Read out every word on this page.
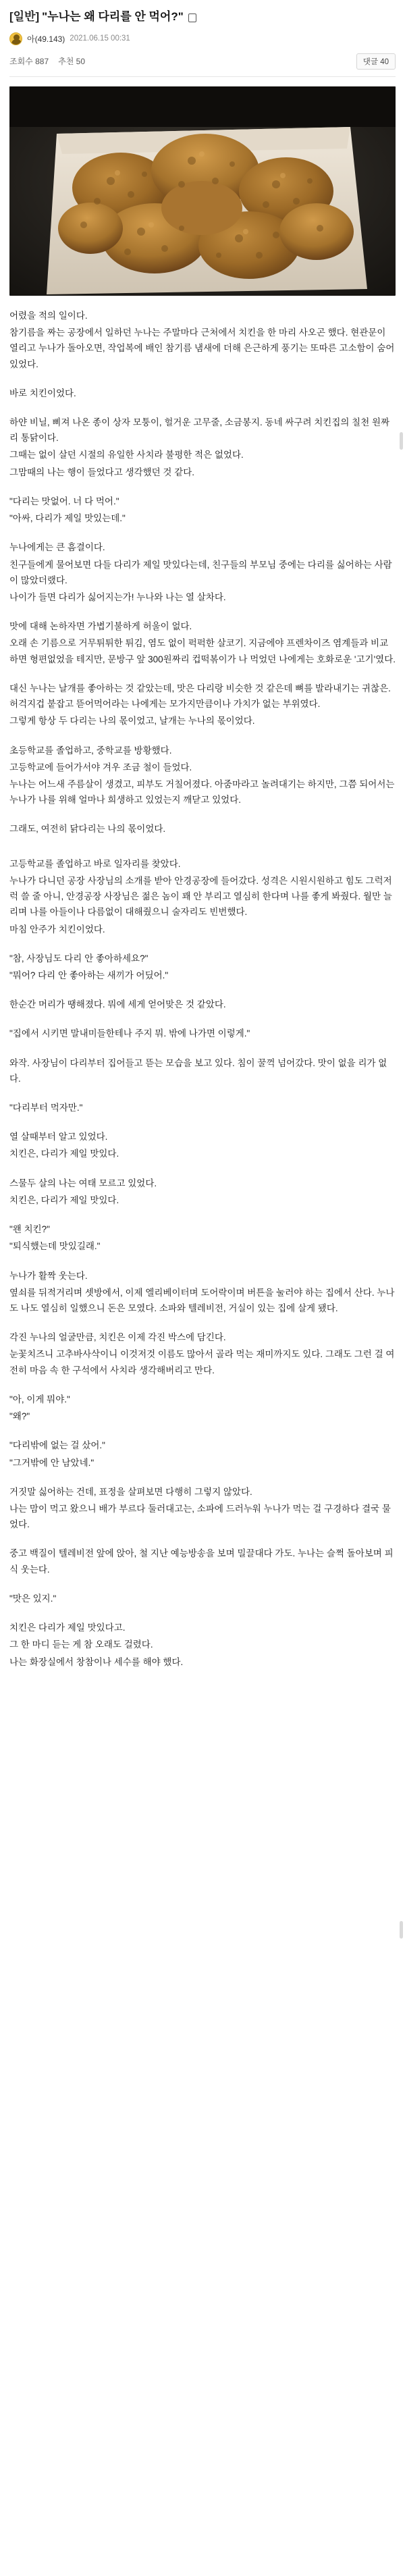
[일반] "누나는 왜 다리를 안 먹어?"
아(49.143) 2021.06.15 00:31
조회수 887 추천 50	댓글 40

어렸을 적의 일이다.

참기름을 짜는 공장에서 일하던 누나는 주말마다 근처에서 치킨을 한 마리 사오곤 했다. 현관문이 열리고 누나가 돌아오면, 작업복에 배인 참기름 냄새에 더해 은근하게 풍기는 또따른 고소함이 숨어있었다.

바로 치킨이었다.

하얀 비닐, 삐져 나온 종이 상자 모퉁이, 헐거운 고무줄, 소금봉지. 동네 싸구려 치킨집의 칠천 원짜리 통닭이다.

그때는 없이 살던 시절의 유일한 사치라 불평한 적은 없었다.

그맘때의 나는 행이 들었다고 생각했던 것 같다.

"다리는 맛없어. 너 다 먹어."

"아싸, 다리가 제일 맛있는데."

누나에게는 큰 흠결이다.

친구들에게 물어보면 다들 다리가 제일 맛있다는데, 친구들의 부모님 중에는 다리를 싫어하는 사람이 많았더랬다.

나이가 들면 다리가 싫어지는가! 누나와 나는 열 살차다.

맛에 대해 논하자면 가볍기불하게 허울이 없다.

오래 손 기름으로 거무튀튀한 튀김, 염도 없이 퍽퍽한 살코기. 지금에야 프렌차이즈 염계들과 비교하면 형편없었을 테지만, 문방구 앞 300원짜리 컵떡볶이가 나 먹었던 나에게는 호화로운 '고기'였다.

대신 누나는 날개를 좋아하는 것 같았는데, 맛은 다리랑 비슷한 것 같은데 뼈를 발라내기는 귀찮은. 허걱지겁 붙잡고 뜯어먹어라는 나에게는 모가지만큼이나 가치가 없는 부위였다.

그렇게 항상 두 다리는 나의 몫이었고, 날개는 누나의 몫이었다.

초등학교를 졸업하고, 중학교를 방황했다.

고등학교에 들어가서야 겨우 조금 철이 들었다.

누나는 어느새 주름살이 생겼고, 피부도 거칠어졌다. 아줌마라고 놀려대기는 하지만, 그쯤 되어서는 누나가 나를 위해 얼마나 희생하고 있었는지 깨닫고 있었다.

그래도, 여전히 닭다리는 나의 몫이었다.

고등학교를 졸업하고 바로 일자리를 찾았다.

누나가 다니던 공장 사장님의 소개를 받아 안경공장에 들어갔다. 성격은 시원시원하고 힘도 그럭저럭 쓸 줄 아니, 안경공장 사장님은 젊은 놈이 꽤 안 부리고 열심히 한다며 나를 좋게 봐줬다. 월만 늘리며 나를 아들이나 다름없이 대해줬으니 술자리도 빈번했다.

마침 안주가 치킨이었다.

"참, 사장님도 다리 안 좋아하세요?"

"뭐어? 다리 안 좋아하는 새끼가 어딨어."

한순간 머리가 땡해졌다. 뭐에 세게 얻어맞은 것 같았다.

"집에서 시키면 말내미들한테나 주지 뭐. 밖에 나가면 이렇게."

와작. 사장님이 다리부터 집어들고 뜯는 모습을 보고 있다. 침이 꿀꺽 넘어갔다. 맛이 없을 리가 없다.

"다리부터 먹자만."

열 살때부터 알고 있었다.

치킨은, 다리가 제일 맛있다.

스물두 살의 나는 여태 모르고 있었다.

치킨은, 다리가 제일 맛있다.

"왠 치킨?"

"퇴식했는데 맛있길래."

누나가 활짝 웃는다.

옆쇠를 뒤적거리며 셋방에서, 이제 엘리베이터며 도어락이며 버튼을 눌러야 하는 집에서 산다. 누나도 나도 열심히 일했으니 돈은 모였다. 소파와 텔레비전, 거실이 있는 집에 살게 됐다.

각진 누나의 얼굴만큼, 치킨은 이제 각진 박스에 담긴다.

눈꽃치즈니 고추바사삭이니 이것저것 이름도 많아서 골라 먹는 재미까지도 있다. 그래도 그런 걸 여전히 마음 속 한 구석에서 사치라 생각해버리고 만다.

"아, 이게 뭐야."

"왜?"

"다리밖에 없는 걸 샀어."

"그거밖에 안 남았네."

거짓말 싫어하는 건데, 표정을 살펴보면 다행히 그렇지 않았다.

나는 맘이 먹고 왔으니 배가 부르다 둘러대고는, 소파에 드러누워 누나가 먹는 걸 구경하다 결국 물었다.

중고 백질이 텔레비전 앞에 앉아, 철 지난 예능방송을 보며 밀끌대다 가도. 누나는 슬쩍 돌아보며 피식 웃는다.

"맛은 있지."

치킨은 다리가 제일 맛있다고.

그 한 마디 듣는 게 참 오래도 걸렸다.

나는 화장실에서 창참이나 세수를 해야 했다.
